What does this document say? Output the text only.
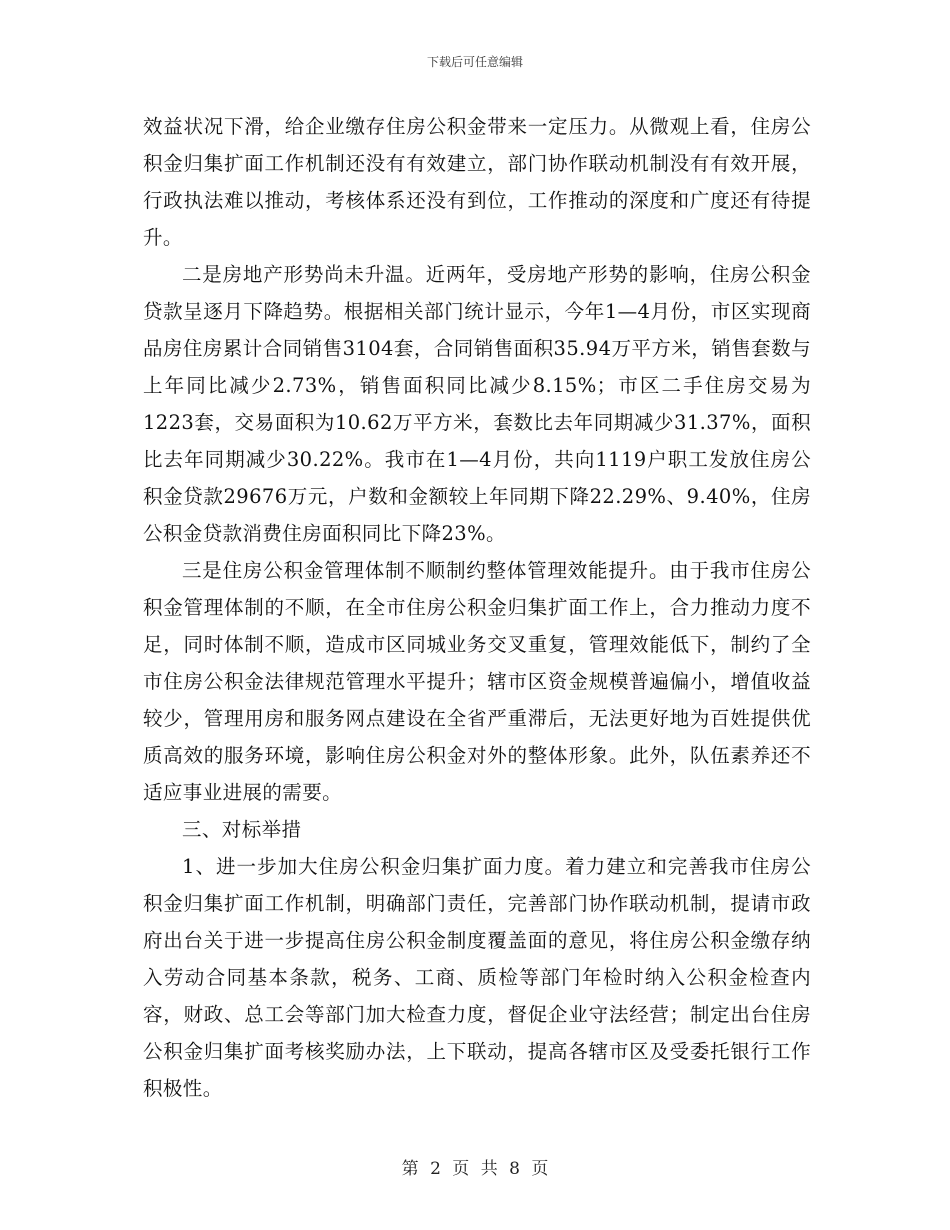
下载后可任意编辑

效益状况下滑，给企业缴存住房公积金带来一定压力。从微观上看，住房公积金归集扩面工作机制还没有有效建立，部门协作联动机制没有有效开展，行政执法难以推动，考核体系还没有到位，工作推动的深度和广度还有待提升。

二是房地产形势尚未升温。近两年，受房地产形势的影响，住房公积金贷款呈逐月下降趋势。根据相关部门统计显示，今年1—4月份，市区实现商品房住房累计合同销售3104套，合同销售面积35.94万平方米，销售套数与上年同比减少2.73%，销售面积同比减少8.15%；市区二手住房交易为1223套，交易面积为10.62万平方米，套数比去年同期减少31.37%，面积比去年同期减少30.22%。我市在1—4月份，共向1119户职工发放住房公积金贷款29676万元，户数和金额较上年同期下降22.29%、9.40%，住房公积金贷款消费住房面积同比下降23%。

三是住房公积金管理体制不顺制约整体管理效能提升。由于我市住房公积金管理体制的不顺，在全市住房公积金归集扩面工作上，合力推动力度不足，同时体制不顺，造成市区同城业务交叉重复，管理效能低下，制约了全市住房公积金法律规范管理水平提升；辖市区资金规模普遍偏小，增值收益较少，管理用房和服务网点建设在全省严重滞后，无法更好地为百姓提供优质高效的服务环境，影响住房公积金对外的整体形象。此外，队伍素养还不适应事业进展的需要。

三、对标举措

1、进一步加大住房公积金归集扩面力度。着力建立和完善我市住房公积金归集扩面工作机制，明确部门责任，完善部门协作联动机制，提请市政府出台关于进一步提高住房公积金制度覆盖面的意见，将住房公积金缴存纳入劳动合同基本条款，税务、工商、质检等部门年检时纳入公积金检查内容，财政、总工会等部门加大检查力度，督促企业守法经营；制定出台住房公积金归集扩面考核奖励办法，上下联动，提高各辖市区及受委托银行工作积极性。

第 2 页 共 8 页
